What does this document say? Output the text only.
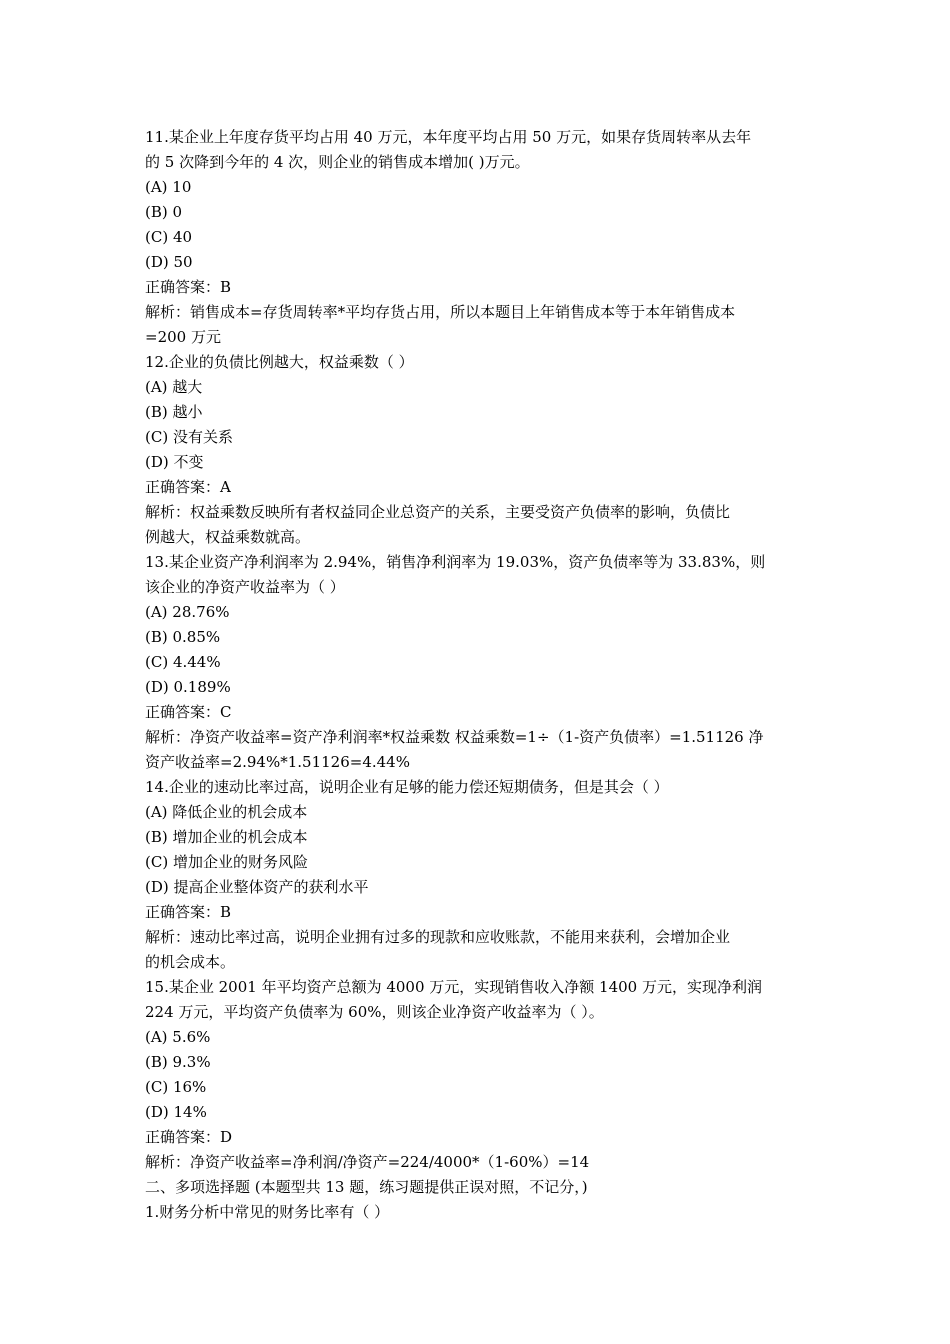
11.某企业上年度存货平均占用 40 万元，本年度平均占用 50 万元，如果存货周转率从去年
的 5 次降到今年的 4 次，则企业的销售成本增加( )万元。
(A) 10
(B) 0
(C) 40
(D) 50
正确答案：B
解析：销售成本=存货周转率*平均存货占用，所以本题目上年销售成本等于本年销售成本
=200 万元
12.企业的负债比例越大，权益乘数（ ）
(A) 越大
(B) 越小
(C) 没有关系
(D) 不变
正确答案：A
解析：权益乘数反映所有者权益同企业总资产的关系，主要受资产负债率的影响，负债比
例越大，权益乘数就高。
13.某企业资产净利润率为 2.94%，销售净利润率为 19.03%，资产负债率等为 33.83%，则
该企业的净资产收益率为（ ）
(A) 28.76%
(B) 0.85%
(C) 4.44%
(D) 0.189%
正确答案：C
解析：净资产收益率=资产净利润率*权益乘数 权益乘数=1÷（1-资产负债率）=1.51126 净
资产收益率=2.94%*1.51126=4.44%
14.企业的速动比率过高，说明企业有足够的能力偿还短期债务，但是其会（ ）
(A) 降低企业的机会成本
(B) 增加企业的机会成本
(C) 增加企业的财务风险
(D) 提高企业整体资产的获利水平
正确答案：B
解析：速动比率过高，说明企业拥有过多的现款和应收账款，不能用来获利，会增加企业
的机会成本。
15.某企业 2001 年平均资产总额为 4000 万元，实现销售收入净额 1400 万元，实现净利润
224 万元，平均资产负债率为 60%，则该企业净资产收益率为（ ）。
(A) 5.6%
(B) 9.3%
(C) 16%
(D) 14%
正确答案：D
解析：净资产收益率=净利润/净资产=224/4000*（1-60%）=14
二、多项选择题 (本题型共 13 题，练习题提供正误对照，不记分，)
1.财务分析中常见的财务比率有（ ）
